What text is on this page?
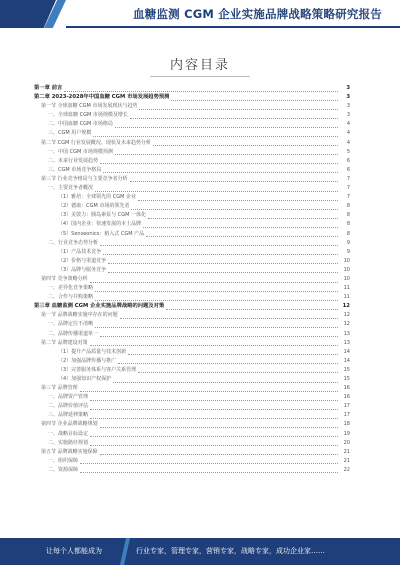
血糖监测 CGM 企业实施品牌战略策略研究报告
内容目录
第一章 前言	3
第二章 2023-2028年中国血糖 CGM 市场发展趋势预测	3
第一节 全球血糖 CGM 市场发展现状与趋势	3
一、全球血糖 CGM 市场规模及增长	3
二、中国血糖 CGM 市场格局	4
三、CGM 用户规模	4
第二节 CGM 行业发展概况、现状及未来趋势分析	4
一、中国 CGM 市场规模预测	5
二、未来行业发展趋势	6
三、CGM 市场竞争格局	6
第三节 行业竞争格局与主要竞争者分析	7
一、主要竞争者概况	7
（1）雅培：全球领先的 CGM 企业	7
（2）德康：CGM 市场的领先者	8
（3）美敦力：胰岛素泵与 CGM 一体化	8
（4）国内企业：快速发展的本土品牌	8
（5）Senseonics：植入式 CGM 产品	8
二、行业竞争态势分析	9
（1）产品技术竞争	9
（2）价格与渠道竞争	10
（3）品牌与服务竞争	10
第四节 竞争策略分析	10
一、差异化竞争策略	11
二、合作与并购策略	11
第三章 血糖监测 CGM 企业实施品牌战略的问题及对策	12
第一节 品牌战略实施中存在的问题	12
一、品牌定位不清晰	12
二、品牌传播渠道单一	13
第二节 品牌建设对策	13
（1）提升产品质量与技术创新	14
（2）加强品牌传播与推广	14
（3）完善服务体系与客户关系管理	15
（4）加强知识产权保护	15
第三节 品牌管理	16
一、品牌资产管理	16
二、品牌价值评估	17
三、品牌延伸策略	17
第四节 企业品牌战略规划	18
一、战略目标设定	19
二、实施路径规划	20
第五节 品牌战略实施保障	21
一、组织保障	21
二、资源保障	22
让每个人都能成为	行业专家，管理专家，营销专家，战略专家，成功企业家……
